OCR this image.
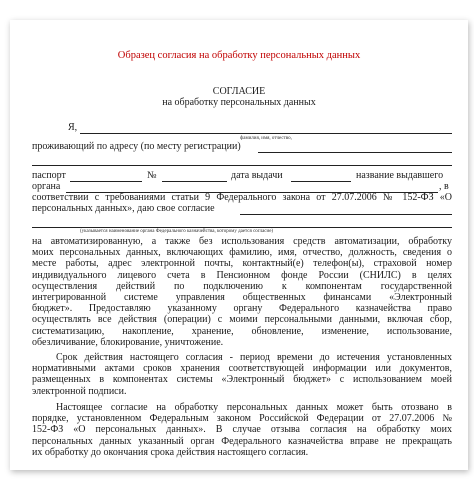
Образец согласия на обработку персональных данных
СОГЛАСИЕ
на обработку персональных данных
Я,
фамилия, имя, отчество,
проживающий по адресу (по месту регистрации)
паспорт	№	дата выдачи	название выдавшего
органа	, в
соответствии с требованиями статьи 9 Федерального закона от 27.07.2006 № 152-ФЗ «О
персональных данных», даю свое согласие
(указывается наименование органа Федерального казначейства, которому дается согласие)
на автоматизированную, а также без использования средств автоматизации, обработку
моих персональных данных, включающих фамилию, имя, отчество, должность, сведения о
месте работы, адрес электронной почты, контактный(е) телефон(ы), страховой номер
индивидуального лицевого счета в Пенсионном фонде России (СНИЛС) в целях
осуществления действий по подключению к компонентам государственной
интегрированной системе управления общественных финансами «Электронный
бюджет». Предоставляю указанному органу Федерального казначейства право
осуществлять все действия (операции) с моими персональными данными, включая сбор,
систематизацию, накопление, хранение, обновление, изменение, использование,
обезличивание, блокирование, уничтожение.
Срок действия настоящего согласия - период времени до истечения установленных
нормативными актами сроков хранения соответствующей информации или документов,
размещенных в компонентах системы «Электронный бюджет» с использованием моей
электронной подписи.
Настоящее согласие на обработку персональных данных может быть отозвано в
порядке, установленном Федеральным законом Российской Федерации от 27.07.2006 №
152-ФЗ «О персональных данных». В случае отзыва согласия на обработку моих
персональных данных указанный орган Федерального казначейства вправе не прекращать
их обработку до окончания срока действия настоящего согласия.
